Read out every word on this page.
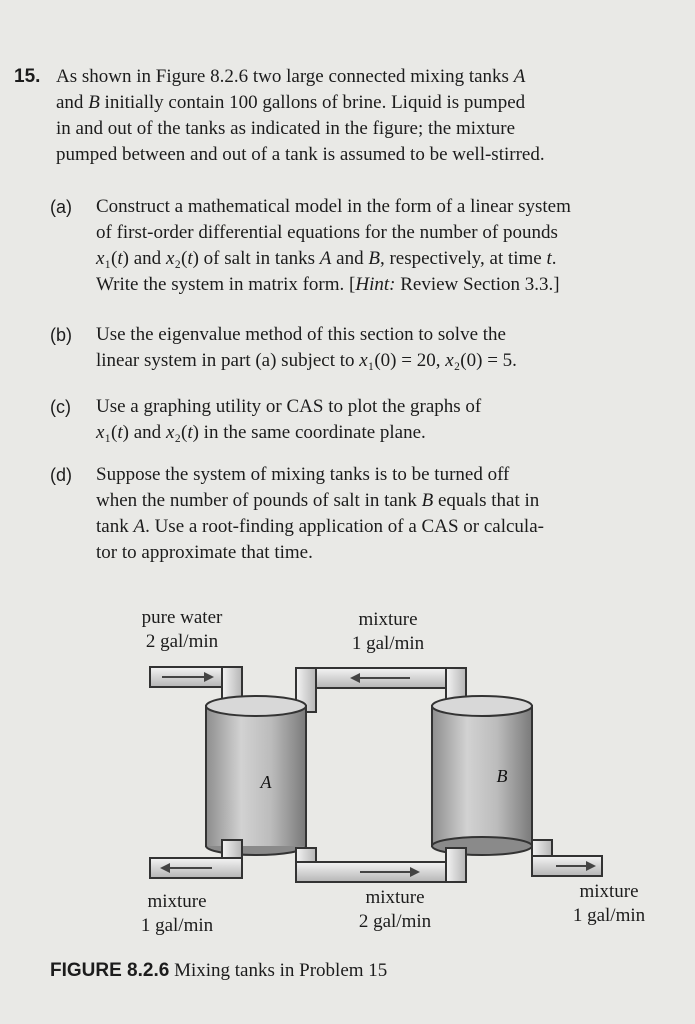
15. As shown in Figure 8.2.6 two large connected mixing tanks A
and B initially contain 100 gallons of brine. Liquid is pumped
in and out of the tanks as indicated in the figure; the mixture
pumped between and out of a tank is assumed to be well-stirred.
(a) Construct a mathematical model in the form of a linear system
of first-order differential equations for the number of pounds
x₁(t) and x₂(t) of salt in tanks A and B, respectively, at time t.
Write the system in matrix form. [Hint: Review Section 3.3.]
(b) Use the eigenvalue method of this section to solve the
linear system in part (a) subject to x₁(0) = 20, x₂(0) = 5.
(c) Use a graphing utility or CAS to plot the graphs of
x₁(t) and x₂(t) in the same coordinate plane.
(d) Suppose the system of mixing tanks is to be turned off
when the number of pounds of salt in tank B equals that in
tank A. Use a root-finding application of a CAS or calcula-
tor to approximate that time.
A	B
pure water
2 gal/min
mixture
1 gal/min
mixture
1 gal/min
mixture
2 gal/min
mixture
1 gal/min
FIGURE 8.2.6 Mixing tanks in Problem 15
